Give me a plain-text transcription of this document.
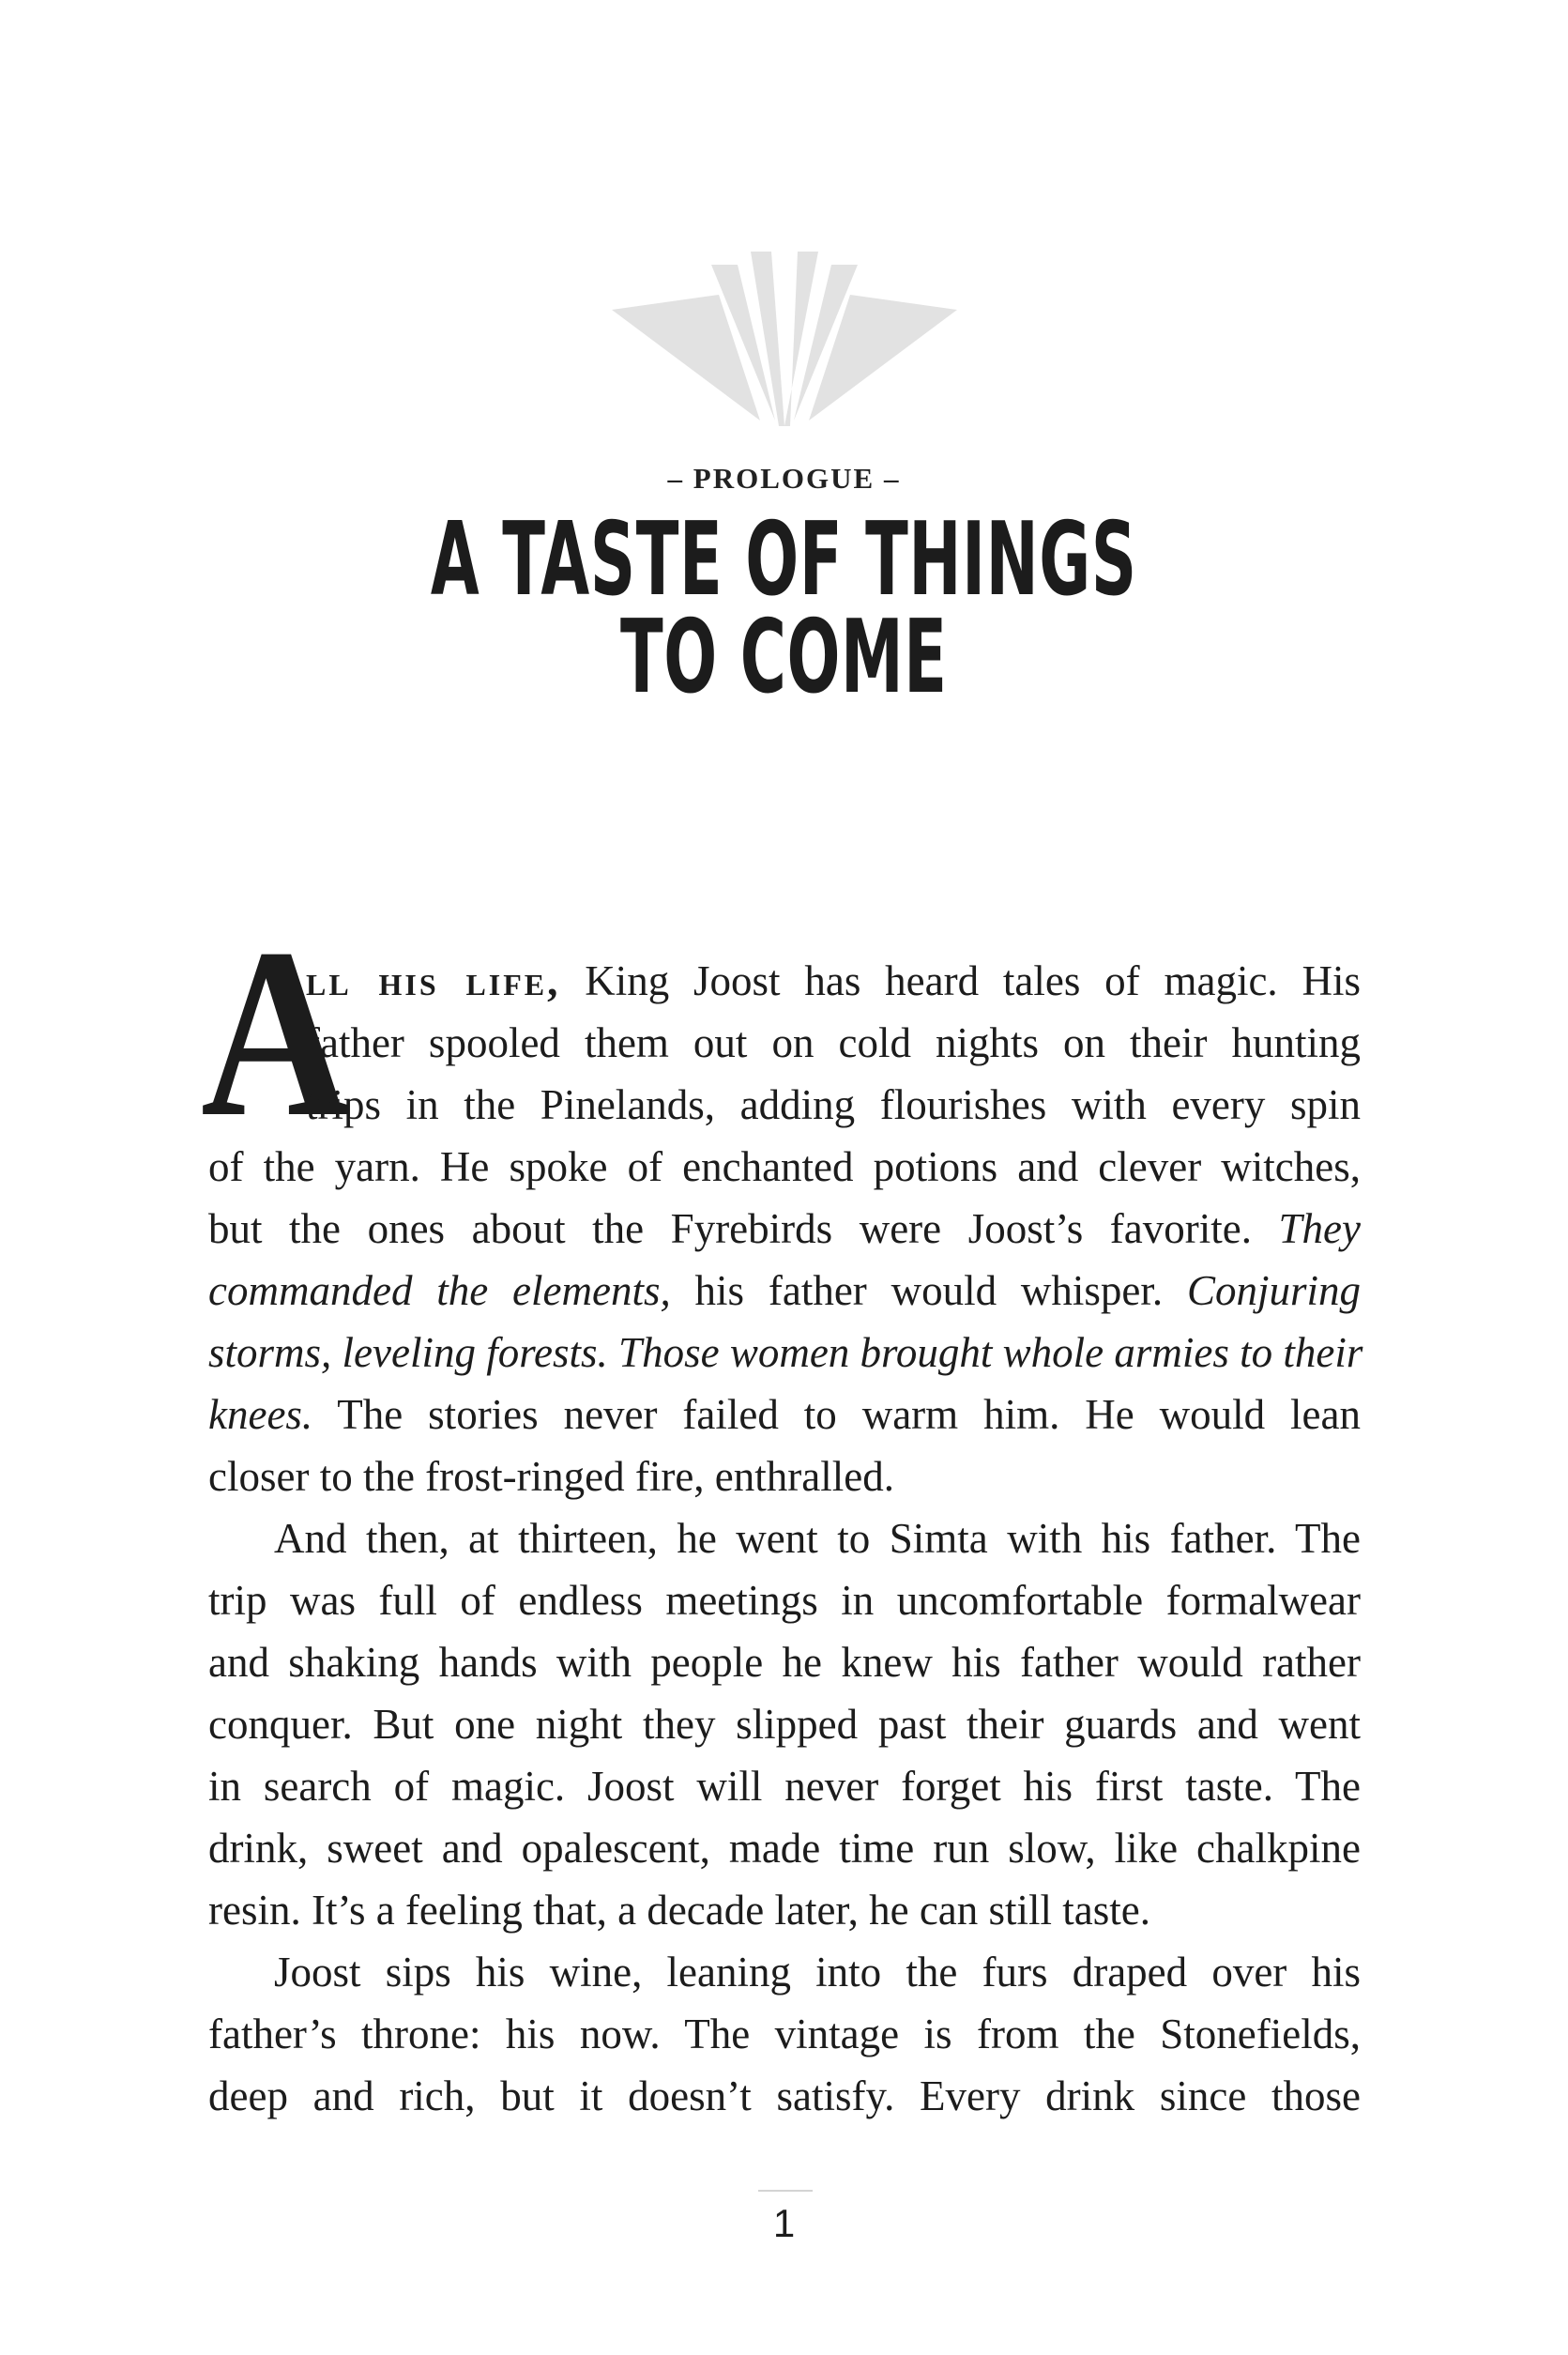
– PROLOGUE –
A TASTE OF THINGS
TO COME
A
ll his life, King Joost has heard tales of magic. His
father spooled them out on cold nights on their hunting
trips in the Pinelands, adding flourishes with every spin
of the yarn. He spoke of enchanted potions and clever witches,
but the ones about the Fyrebirds were Joost’s favorite. They
commanded the elements, his father would whisper. Conjuring
storms, leveling forests. Those women brought whole armies to their
knees. The stories never failed to warm him. He would lean
closer to the frost-ringed fire, enthralled.
And then, at thirteen, he went to Simta with his father. The
trip was full of endless meetings in uncomfortable formalwear
and shaking hands with people he knew his father would rather
conquer. But one night they slipped past their guards and went
in search of magic. Joost will never forget his first taste. The
drink, sweet and opalescent, made time run slow, like chalkpine
resin. It’s a feeling that, a decade later, he can still taste.
Joost sips his wine, leaning into the furs draped over his
father’s throne: his now. The vintage is from the Stonefields,
deep and rich, but it doesn’t satisfy. Every drink since those
1
